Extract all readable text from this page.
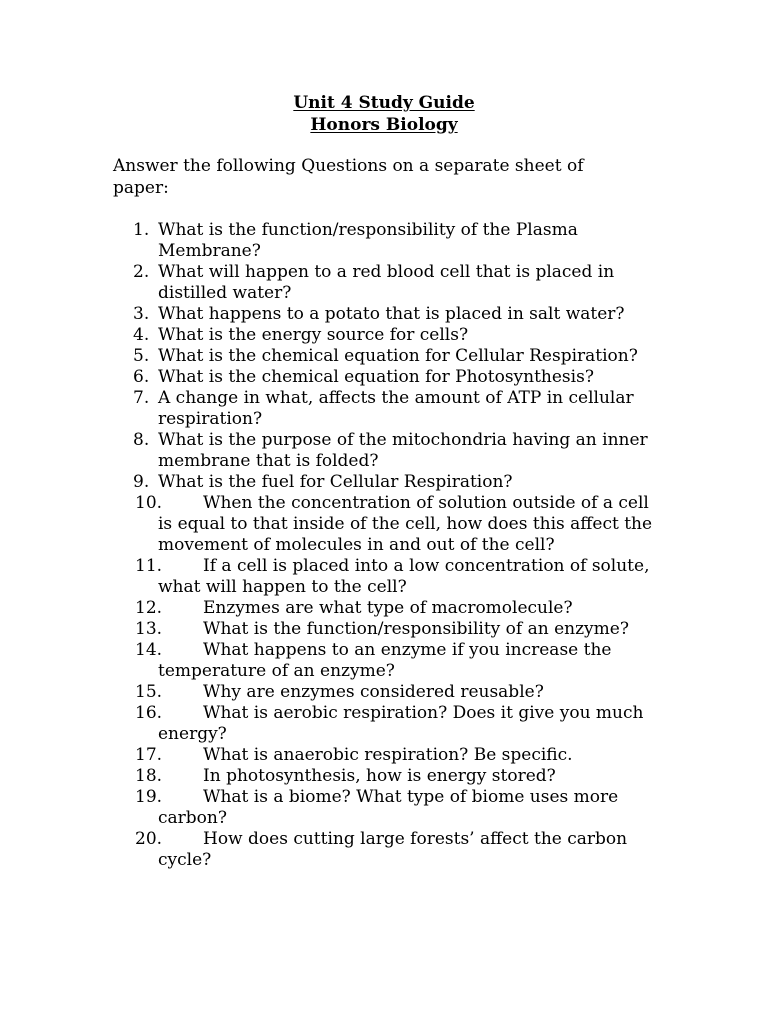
Unit 4 Study Guide
Honors Biology

Answer the following Questions on a separate sheet of paper:

1. What is the function/responsibility of the Plasma Membrane?
2. What will happen to a red blood cell that is placed in distilled water?
3. What happens to a potato that is placed in salt water?
4. What is the energy source for cells?
5. What is the chemical equation for Cellular Respiration?
6. What is the chemical equation for Photosynthesis?
7. A change in what, affects the amount of ATP in cellular respiration?
8. What is the purpose of the mitochondria having an inner membrane that is folded?
9. What is the fuel for Cellular Respiration?
10.	When the concentration of solution outside of a cell is equal to that inside of the cell, how does this affect the movement of molecules in and out of the cell?
11.	If a cell is placed into a low concentration of solute, what will happen to the cell?
12.	Enzymes are what type of macromolecule?
13.	What is the function/responsibility of an enzyme?
14.	What happens to an enzyme if you increase the temperature of an enzyme?
15.	Why are enzymes considered reusable?
16.	What is aerobic respiration? Does it give you much energy?
17.	What is anaerobic respiration? Be specific.
18.	In photosynthesis, how is energy stored?
19.	What is a biome? What type of biome uses more carbon?
20.	How does cutting large forests’ affect the carbon cycle?
